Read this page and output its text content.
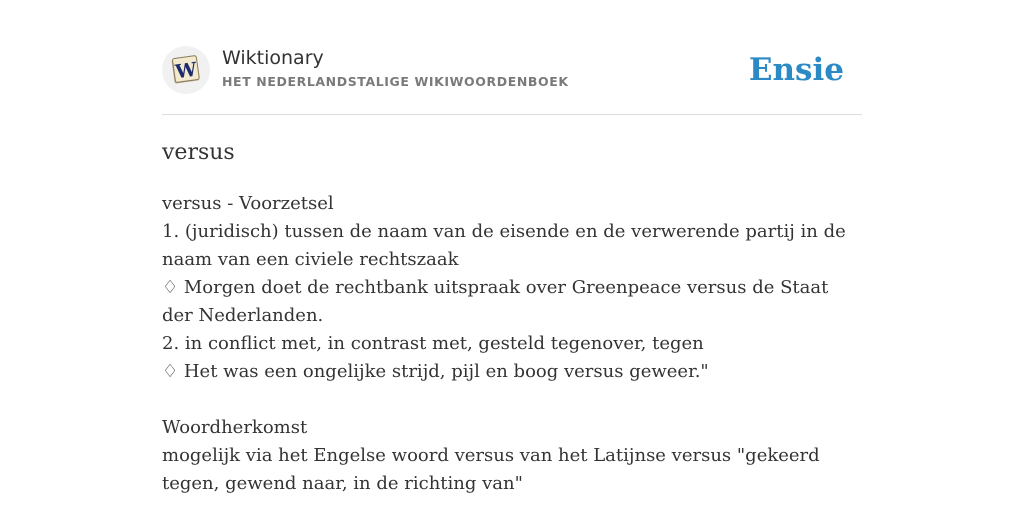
W
Wiktionary
HET NEDERLANDSTALIGE WIKIWOORDENBOEK	Ensie
versus

versus - Voorzetsel

1. (juridisch) tussen de naam van de eisende en de verwerende partij in de naam van een civiele rechtszaak

♢ Morgen doet de rechtbank uitspraak over Greenpeace versus de Staat der Nederlanden.

2. in conflict met, in contrast met, gesteld tegenover, tegen

♢ Het was een ongelijke strijd, pijl en boog versus geweer."

Woordherkomst

mogelijk via het Engelse woord versus van het Latijnse versus "gekeerd tegen, gewend naar, in de richting van"
